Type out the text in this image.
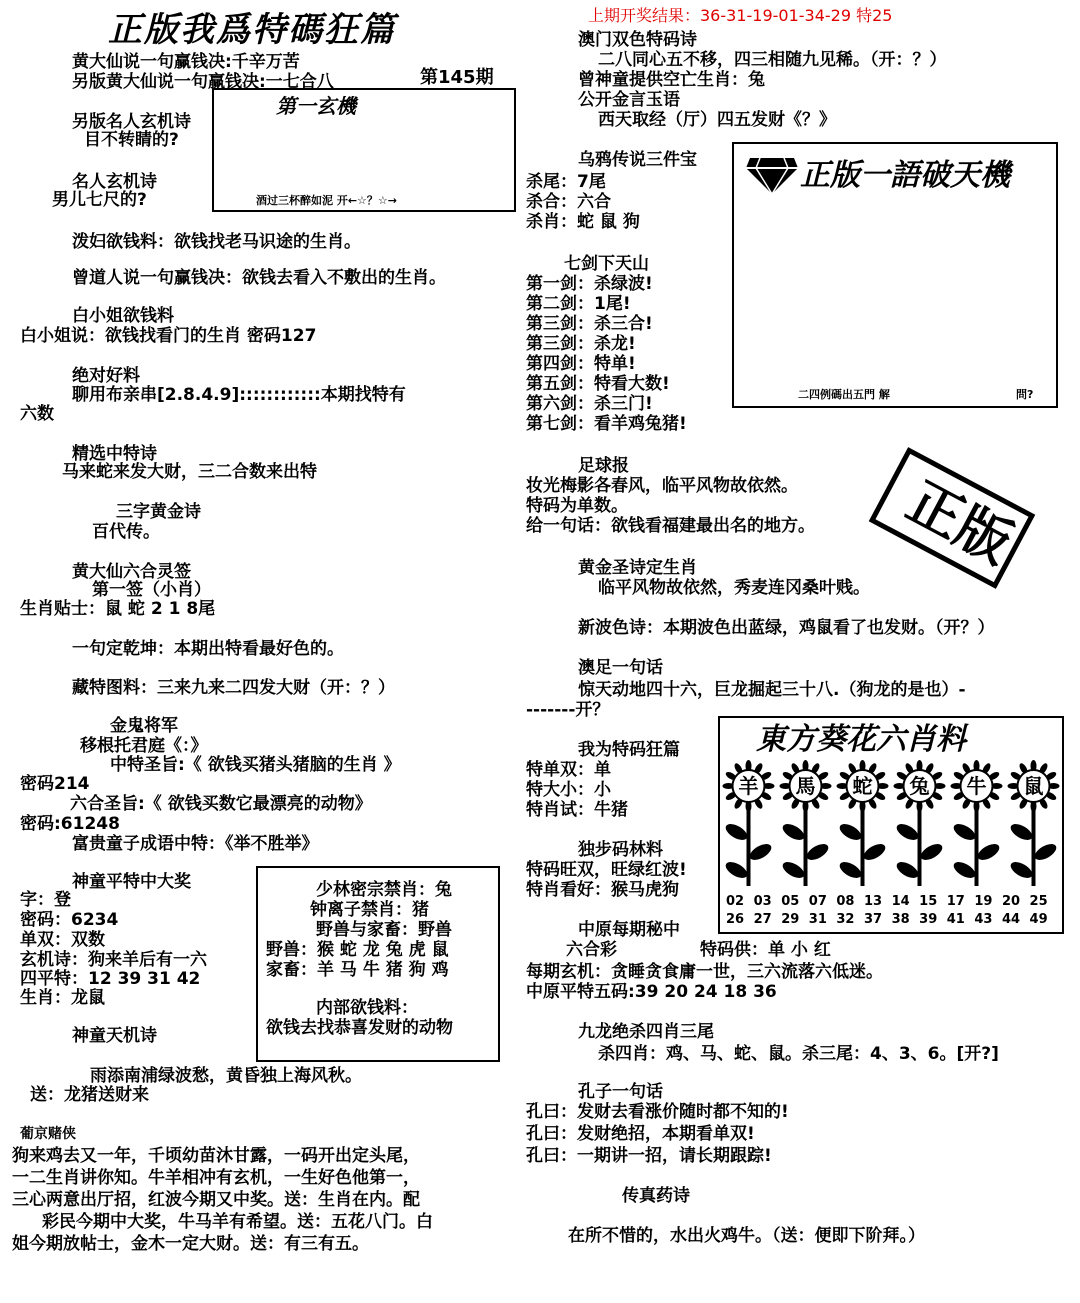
正版我爲特碼狂篇	上期开奖结果：36-31-19-01-34-29 特25
黄大仙说一句赢钱决:千辛万苦
另版黄大仙说一句赢钱决:一七合八	第145期
第一玄機
酒过三杯醉如泥 开←☆？☆→
另版名人玄机诗
目不转睛的?
名人玄机诗
男儿七尺的?
泼妇欲钱料：欲钱找老马识途的生肖。
曾道人说一句赢钱决：欲钱去看入不敷出的生肖。
白小姐欲钱料
白小姐说：欲钱找看门的生肖 密码127
绝对好料
聊用布亲串[2.8.4.9]::::::::::::本期找特有
六数
精选中特诗
马来蛇来发大财，三二合数来出特
三字黄金诗
百代传。
黄大仙六合灵签
第一签（小肖）
生肖贴士：鼠 蛇 2 1 8尾
一句定乾坤：本期出特看最好色的。
藏特图料：三来九来二四发大财（开：？）
金鬼将军
移根托君庭《：》
中特圣旨:《 欲钱买猪头猪脑的生肖 》
密码214
六合圣旨:《 欲钱买数它最漂亮的动物》
密码:61248
富贵童子成语中特：《举不胜举》
神童平特中大奖
字：登
密码：6234
单双：双数
玄机诗：狗来羊后有一六
四平特：12 39 31 42
生肖：龙鼠
少林密宗禁肖：兔
钟离子禁肖：猪
野兽与家畜：野兽
野兽：猴 蛇 龙 兔 虎 鼠
家畜：羊 马 牛 猪 狗 鸡
内部欲钱料：
欲钱去找恭喜发财的动物
神童天机诗
雨添南浦绿波愁，黄昏独上海风秋。
送：龙猪送财来
葡京赌侠
狗来鸡去又一年，千顷幼苗沐甘露，一码开出定头尾，
一二生肖讲你知。牛羊相冲有玄机，一生好色他第一，
三心两意出厅招，红波今期又中奖。送：生肖在内。配
彩民今期中大奖，牛马羊有希望。送：五花八门。白
姐今期放帖士，金木一定大财。送：有三有五。
澳门双色特码诗
二八同心五不移，四三相随九见稀。（开：？）
曾神童提供空亡生肖：兔
公开金言玉语
西天取经（厅）四五发财《？》
乌鸦传说三件宝
杀尾：7尾
杀合：六合
杀肖：蛇 鼠 狗
正版一語破天機
二四例碼出五門 解	問?
七剑下天山
第一剑：杀绿波!
第二剑：1尾!
第三剑：杀三合!
第三剑：杀龙!
第四剑：特单!
第五剑：特看大数!
第六剑：杀三门!
第七剑：看羊鸡兔猪!
足球报
妆光梅影各春风，临平风物故依然。
特码为单数。
给一句话：欲钱看福建最出名的地方。 正版
黄金圣诗定生肖
临平风物故依然，秀麦连冈桑叶贱。
新波色诗：本期波色出蓝绿，鸡鼠看了也发财。（开？）
澳足一句话
惊天动地四十六，巨龙掘起三十八.（狗龙的是也）-
-------开？
我为特码狂篇
特单双：单
特大小：小
特肖试：牛猪
独步码林料
特码旺双，旺绿红波!
特肖看好：猴马虎狗
東方葵花六肖料
羊 馬 蛇 兔 牛 鼠
02 03 05 07 08 13 14 15 17 19 20 25
26 27 29 31 32 37 38 39 41 43 44 49
中原每期秘中
六合彩	特码供：单 小 红
每期玄机：贪睡贪食庸一世，三六流落六低迷。
中原平特五码:39 20 24 18 36
九龙绝杀四肖三尾
杀四肖：鸡、马、蛇、鼠。杀三尾：4、3、6。[开?]
孔子一句话
孔曰：发财去看涨价随时都不知的!
孔曰：发财绝招，本期看单双!
孔曰：一期讲一招，请长期跟踪!
传真药诗
在所不惜的，水出火鸡牛。（送：便即下阶拜。）
